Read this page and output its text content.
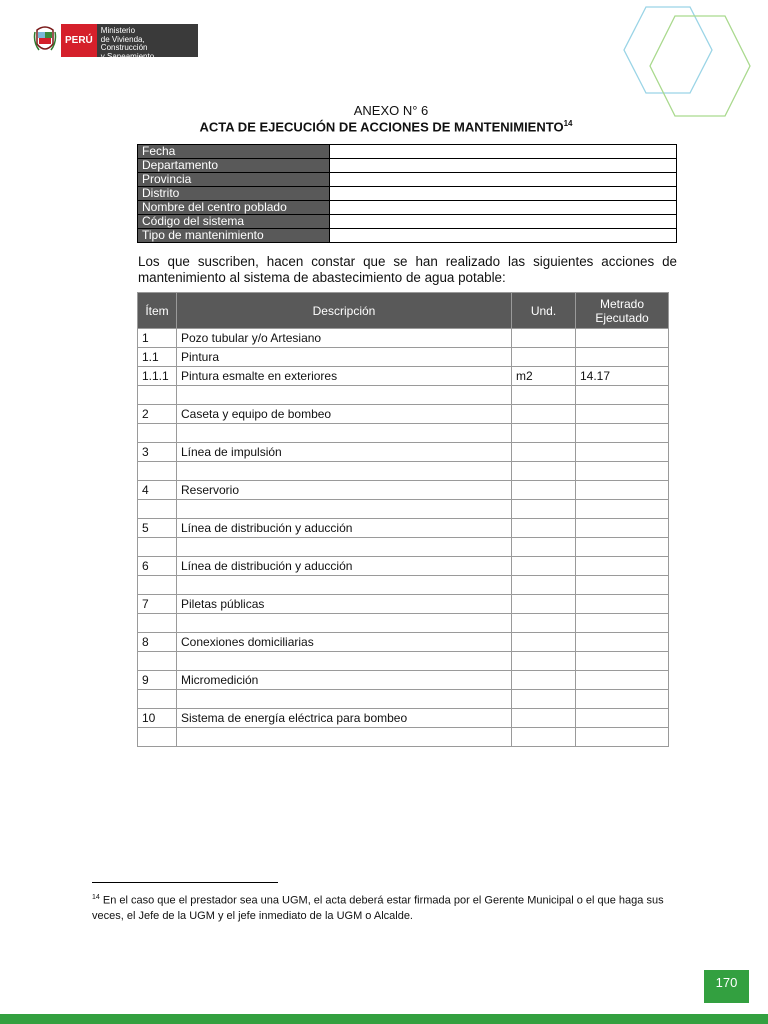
PERÚ
Ministerio
de Vivienda, Construcción
y Saneamiento
ANEXO N° 6
ACTA DE EJECUCIÓN DE ACCIONES DE MANTENIMIENTO$^{14}$
Fecha	
Departamento	
Provincia	
Distrito	
Nombre del centro poblado	
Código del sistema	
Tipo de mantenimiento	
Los que suscriben, hacen constar que se han realizado las siguientes acciones de mantenimiento al sistema de abastecimiento de agua potable:
Ítem	Descripción	Und.	Metrado Ejecutado
1	Pozo tubular y/o Artesiano		
1.1	Pintura		
1.1.1	Pintura esmalte en exteriores	m2	14.17

2	Caseta y equipo de bombeo		

3	Línea de impulsión		

4	Reservorio		

5	Línea de distribución y aducción		

6	Línea de distribución y aducción		

7	Piletas públicas		

8	Conexiones domiciliarias		

9	Micromedición		

10	Sistema de energía eléctrica para bombeo		

$^{14}$ En el caso que el prestador sea una UGM, el acta deberá estar firmada por el Gerente Municipal o el que haga sus veces, el Jefe de la UGM y el jefe inmediato de la UGM o Alcalde.
170
